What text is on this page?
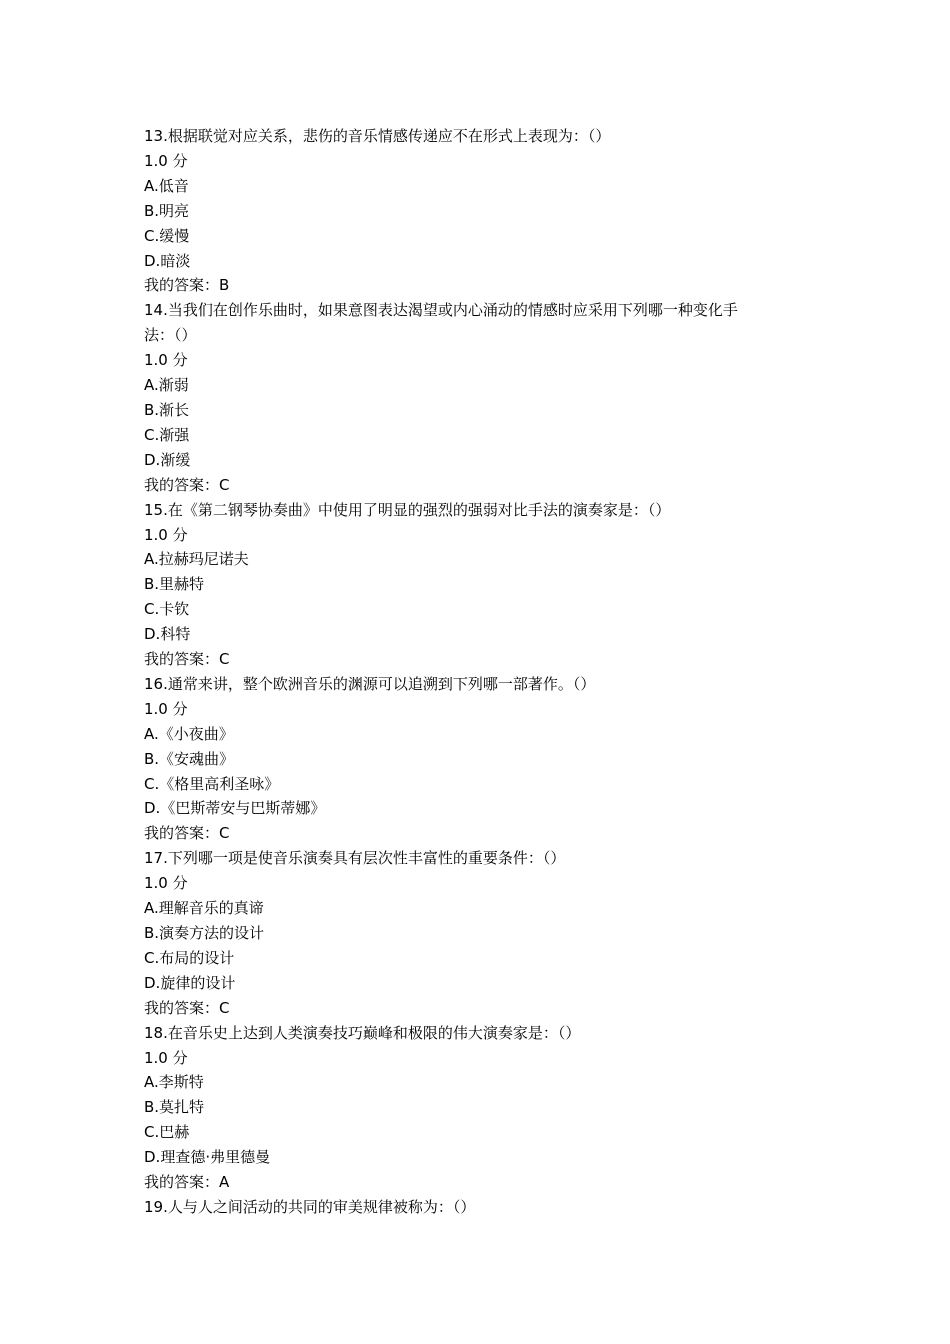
13.根据联觉对应关系，悲伤的音乐情感传递应不在形式上表现为：（）
1.0 分
A.低音
B.明亮
C.缓慢
D.暗淡
我的答案：B
14.当我们在创作乐曲时，如果意图表达渴望或内心涌动的情感时应采用下列哪一种变化手
法：（）
1.0 分
A.渐弱
B.渐长
C.渐强
D.渐缓
我的答案：C
15.在《第二钢琴协奏曲》中使用了明显的强烈的强弱对比手法的演奏家是：（）
1.0 分
A.拉赫玛尼诺夫
B.里赫特
C.卡钦
D.科特
我的答案：C
16.通常来讲，整个欧洲音乐的渊源可以追溯到下列哪一部著作。（）
1.0 分
A.《小夜曲》
B.《安魂曲》
C.《格里高利圣咏》
D.《巴斯蒂安与巴斯蒂娜》
我的答案：C
17.下列哪一项是使音乐演奏具有层次性丰富性的重要条件：（）
1.0 分
A.理解音乐的真谛
B.演奏方法的设计
C.布局的设计
D.旋律的设计
我的答案：C
18.在音乐史上达到人类演奏技巧巅峰和极限的伟大演奏家是：（）
1.0 分
A.李斯特
B.莫扎特
C.巴赫
D.理查德·弗里德曼
我的答案：A
19.人与人之间活动的共同的审美规律被称为：（）
